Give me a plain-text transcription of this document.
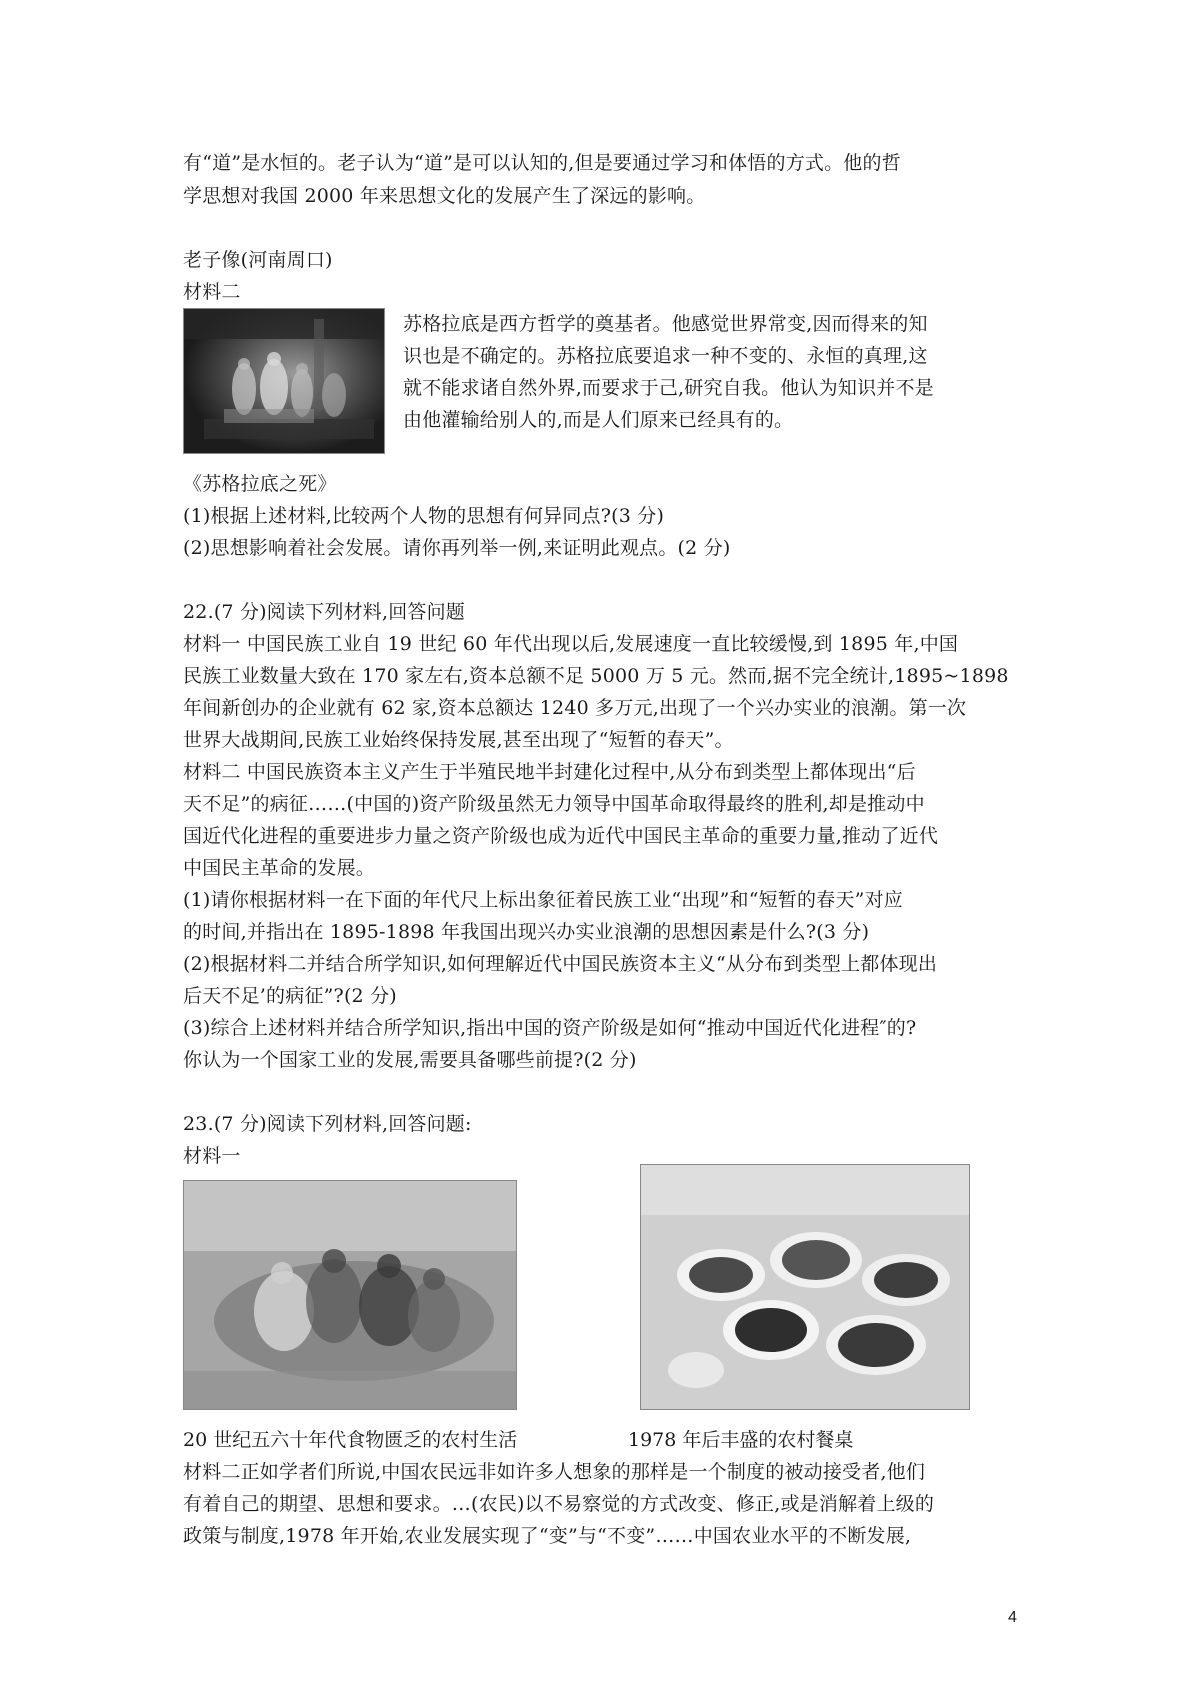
有“道”是水恒的。老子认为“道”是可以认知的,但是要通过学习和体悟的方式。他的哲
学思想对我国 2000 年来思想文化的发展产生了深远的影响。
老子像(河南周口)
材料二
苏格拉底是西方哲学的奠基者。他感觉世界常变,因而得来的知
识也是不确定的。苏格拉底要追求一种不变的、永恒的真理,这
就不能求诸自然外界,而要求于己,研究自我。他认为知识并不是
由他灌输给别人的,而是人们原来已经具有的。
《苏格拉底之死》
(1)根据上述材料,比较两个人物的思想有何异同点?(3 分)
(2)思想影响着社会发展。请你再列举一例,来证明此观点。(2 分)
22.(7 分)阅读下列材料,回答问题
材料一 中国民族工业自 19 世纪 60 年代出现以后,发展速度一直比较缓慢,到 1895 年,中国
民族工业数量大致在 170 家左右,资本总额不足 5000 万 5 元。然而,据不完全统计,1895~1898
年间新创办的企业就有 62 家,资本总额达 1240 多万元,出现了一个兴办实业的浪潮。第一次
世界大战期间,民族工业始终保持发展,甚至出现了“短暂的春天”。
材料二 中国民族资本主义产生于半殖民地半封建化过程中,从分布到类型上都体现出“后
天不足”的病征……(中国的)资产阶级虽然无力领导中国革命取得最终的胜利,却是推动中
国近代化进程的重要进步力量之资产阶级也成为近代中国民主革命的重要力量,推动了近代
中国民主革命的发展。
(1)请你根据材料一在下面的年代尺上标出象征着民族工业“出现”和“短暂的春天”对应
的时间,并指出在 1895-1898 年我国出现兴办实业浪潮的思想因素是什么?(3 分)
(2)根据材料二并结合所学知识,如何理解近代中国民族资本主义“从分布到类型上都体现出
后天不足’的病征”?(2 分)
(3)综合上述材料并结合所学知识,指出中国的资产阶级是如何“推动中国近代化进程″的?
你认为一个国家工业的发展,需要具备哪些前提?(2 分)
23.(7 分)阅读下列材料,回答问题:
材料一
20 世纪五六十年代食物匮乏的农村生活	1978 年后丰盛的农村餐桌
材料二正如学者们所说,中国农民远非如许多人想象的那样是一个制度的被动接受者,他们
有着自己的期望、思想和要求。…(农民)以不易察觉的方式改变、修正,或是消解着上级的
政策与制度,1978 年开始,农业发展实现了“变”与“不变”……中国农业水平的不断发展,
4
